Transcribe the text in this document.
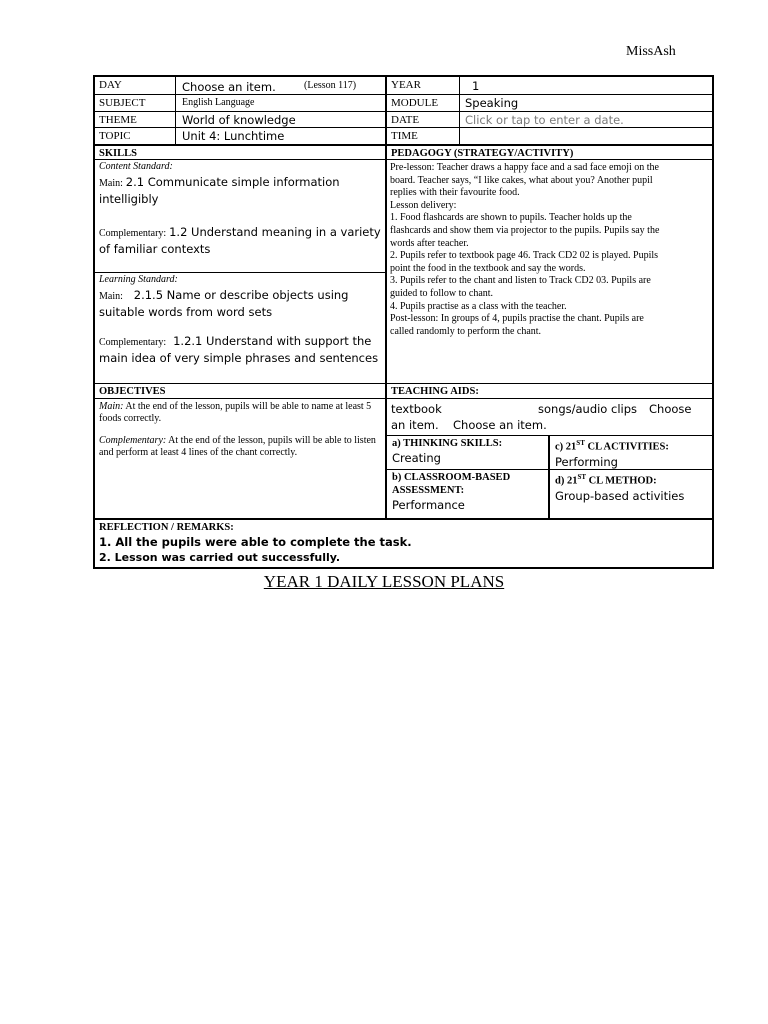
MissAsh
DAY	Choose an item.	(Lesson 117)	YEAR	1
SUBJECT	English Language	MODULE	Speaking
THEME	World of knowledge	DATE	Click or tap to enter a date.
TOPIC	Unit 4: Lunchtime	TIME
SKILLS	PEDAGOGY (STRATEGY/ACTIVITY)
Content Standard:
Main: 2.1 Communicate simple information intelligibly
Complementary: 1.2 Understand meaning in a variety of familiar contexts
Learning Standard:
Main: 2.1.5 Name or describe objects using suitable words from word sets
Complementary: 1.2.1 Understand with support the main idea of very simple phrases and sentences
Pre-lesson: Teacher draws a happy face and a sad face emoji on the
board. Teacher says, “I like cakes, what about you? Another pupil
replies with their favourite food.
Lesson delivery:
1. Food flashcards are shown to pupils. Teacher holds up the
flashcards and show them via projector to the pupils. Pupils say the
words after teacher.
2. Pupils refer to textbook page 46. Track CD2 02 is played. Pupils
point the food in the textbook and say the words.
3. Pupils refer to the chant and listen to Track CD2 03. Pupils are
guided to follow to chant.
4. Pupils practise as a class with the teacher.
Post-lesson: In groups of 4, pupils practise the chant. Pupils are
called randomly to perform the chant.
OBJECTIVES	TEACHING AIDS:
Main: At the end of the lesson, pupils will be able to name at least 5 foods correctly.
Complementary: At the end of the lesson, pupils will be able to listen and perform at least 4 lines of the chant correctly.
textbook	songs/audio clips Choose
an item. Choose an item.
a) THINKING SKILLS:
Creating
c) 21ST CL ACTIVITIES:
Performing
b) CLASSROOM-BASED
ASSESSMENT:
Performance
d) 21ST CL METHOD:
Group-based activities
REFLECTION / REMARKS:
1. All the pupils were able to complete the task.
2. Lesson was carried out successfully.
YEAR 1 DAILY LESSON PLANS
